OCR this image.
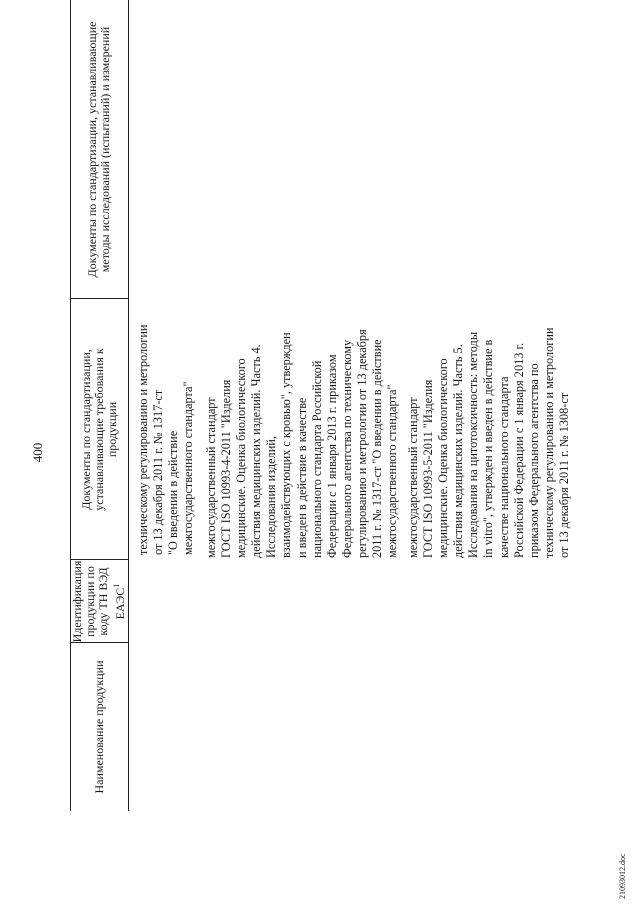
400
Наименование продукции
Идентификация продукции по коду ТН ВЭД ЕАЭС$^1$
Документы по стандартизации, устанавливающие требования к продукции
Документы по стандартизации, устанавливающие методы исследований (испытаний) и измерений
техническому регулированию и метрологии
от 13 декабря 2011 г. № 1317-ст
"О введении в действие
межгосударственного стандарта"
межгосударственный стандарт
ГОСТ ISO 10993-4-2011 "Изделия
медицинские. Оценка биологического
действия медицинских изделий. Часть 4.
Исследования изделий,
взаимодействующих с кровью", утвержден
и введен в действие в качестве
национального стандарта Российской
Федерации с 1 января 2013 г. приказом
Федерального агентства по техническому
регулированию и метрологии от 13 декабря
2011 г. № 1317-ст "О введении в действие
межгосударственного стандарта"
межгосударственный стандарт
ГОСТ ISO 10993-5-2011 "Изделия
медицинские. Оценка биологического
действия медицинских изделий. Часть 5.
Исследования на цитотоксичность: методы
in vitro", утвержден и введен в действие в
качестве национального стандарта
Российской Федерации с 1 января 2013 г.
приказом Федерального агентства по
техническому регулированию и метрологии
от 13 декабря 2011 г. № 1308-ст
21093012.doc
